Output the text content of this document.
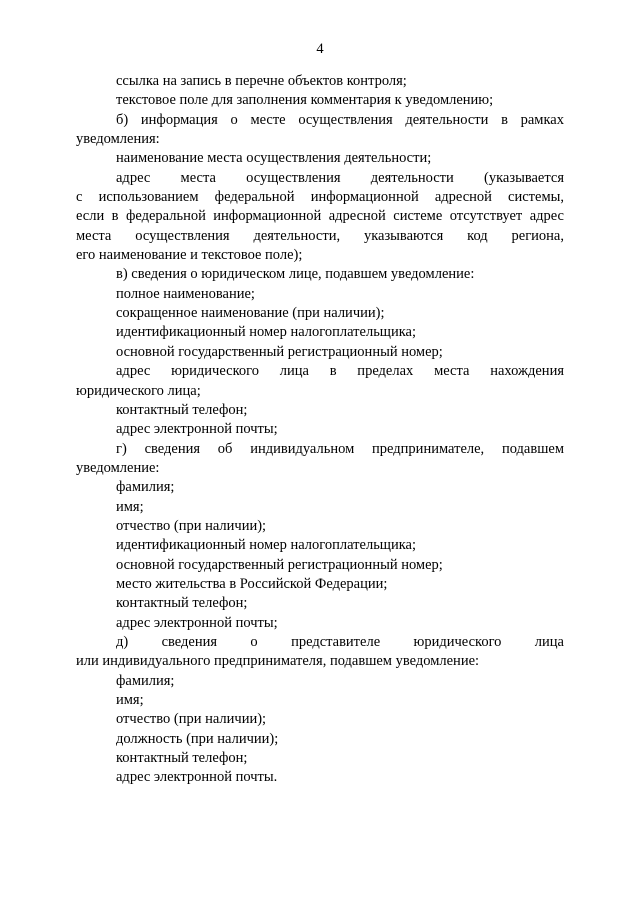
4

ссылка на запись в перечне объектов контроля;

текстовое поле для заполнения комментария к уведомлению;

б) информация о месте осуществления деятельности в рамках

уведомления:

наименование места осуществления деятельности;

адрес места осуществления деятельности (указывается

с использованием федеральной информационной адресной системы,

если в федеральной информационной адресной системе отсутствует адрес

места осуществления деятельности, указываются код региона,

его наименование и текстовое поле);

в) сведения о юридическом лице, подавшем уведомление:

полное наименование;

сокращенное наименование (при наличии);

идентификационный номер налогоплательщика;

основной государственный регистрационный номер;

адрес юридического лица в пределах места нахождения

юридического лица;

контактный телефон;

адрес электронной почты;

г) сведения об индивидуальном предпринимателе, подавшем

уведомление:

фамилия;

имя;

отчество (при наличии);

идентификационный номер налогоплательщика;

основной государственный регистрационный номер;

место жительства в Российской Федерации;

контактный телефон;

адрес электронной почты;

д) сведения о представителе юридического лица

или индивидуального предпринимателя, подавшем уведомление:

фамилия;

имя;

отчество (при наличии);

должность (при наличии);

контактный телефон;

адрес электронной почты.
